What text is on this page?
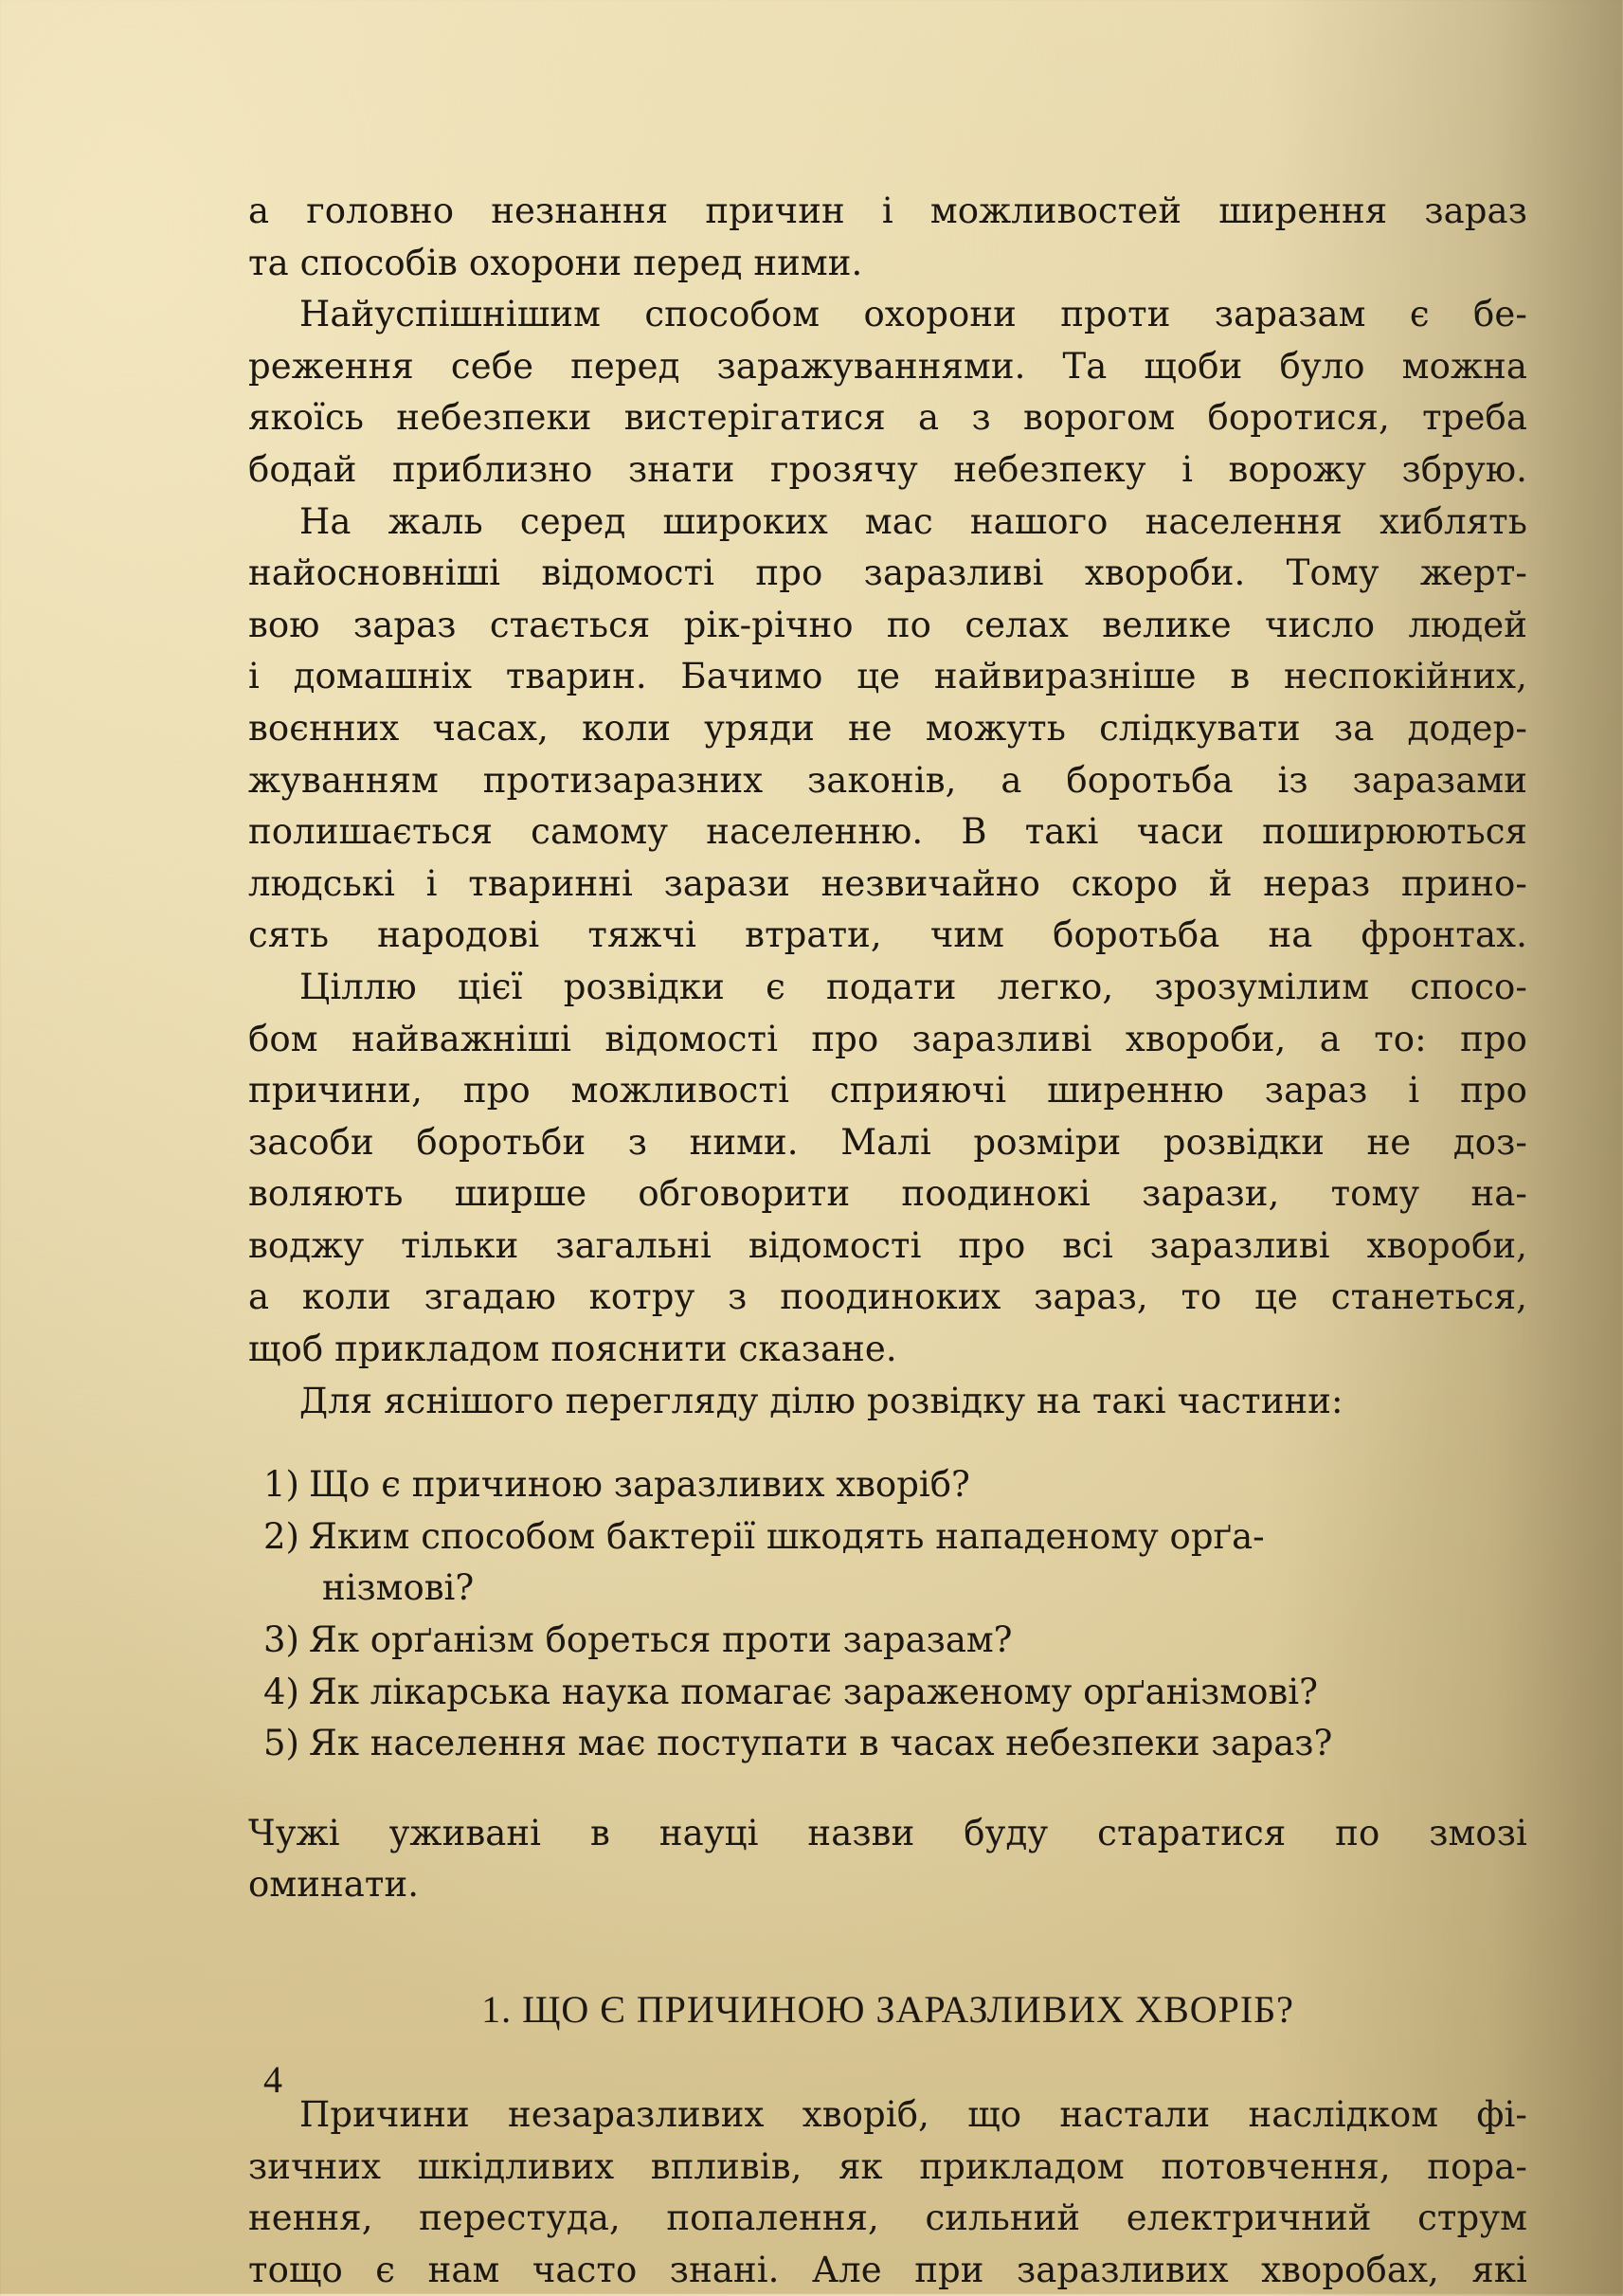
а головно незнання причин і можливостей ширення зараз
та способів охорони перед ними.
Найуспішнішим способом охорони проти заразам є бе-
реження себе перед заражуваннями. Та щоби було можна
якоїсь небезпеки вистерігатися а з ворогом боротися, треба
бодай приблизно знати грозячу небезпеку і ворожу збрую.
На жаль серед широких мас нашого населення хиблять
найосновніші відомості про заразливі хвороби. Тому жерт-
вою зараз стається рік-річно по селах велике число людей
і домашніх тварин. Бачимо це найвиразніше в неспокійних,
воєнних часах, коли уряди не можуть слідкувати за додер-
жуванням протизаразних законів, а боротьба із заразами
полишається самому населенню. В такі часи поширюються
людські і тваринні зарази незвичайно скоро й нераз прино-
сять народові тяжчі втрати, чим боротьба на фронтах.
Ціллю цієї розвідки є подати легко, зрозумілим спосо-
бом найважніші відомості про заразливі хвороби, а то: про
причини, про можливості сприяючі ширенню зараз і про
засоби боротьби з ними. Малі розміри розвідки не доз-
воляють ширше обговорити поодинокі зарази, тому на-
воджу тільки загальні відомості про всі заразливі хвороби,
а коли згадаю котру з поодиноких зараз, то це станеться,
щоб прикладом пояснити сказане.

Для яснішого перегляду ділю розвідку на такі частини:

1) Що є причиною заразливих хворіб?
2) Яким способом бактерії шкодять нападеному орґа-
нізмові?
3) Як орґанізм бореться проти заразам?
4) Як лікарська наука помагає зараженому орґанізмові?
5) Як населення має поступати в часах небезпеки зараз?
Чужі уживані в науці назви буду старатися по змозі
оминати.
1. ЩО Є ПРИЧИНОЮ ЗАРАЗЛИВИХ ХВОРІБ?
Причини незаразливих хворіб, що настали наслідком фі-
зичних шкідливих впливів, як прикладом потовчення, пора-
нення, перестуда, попалення, сильний електричний струм
тощо є нам часто знані. Але при заразливих хворобах, які
4
